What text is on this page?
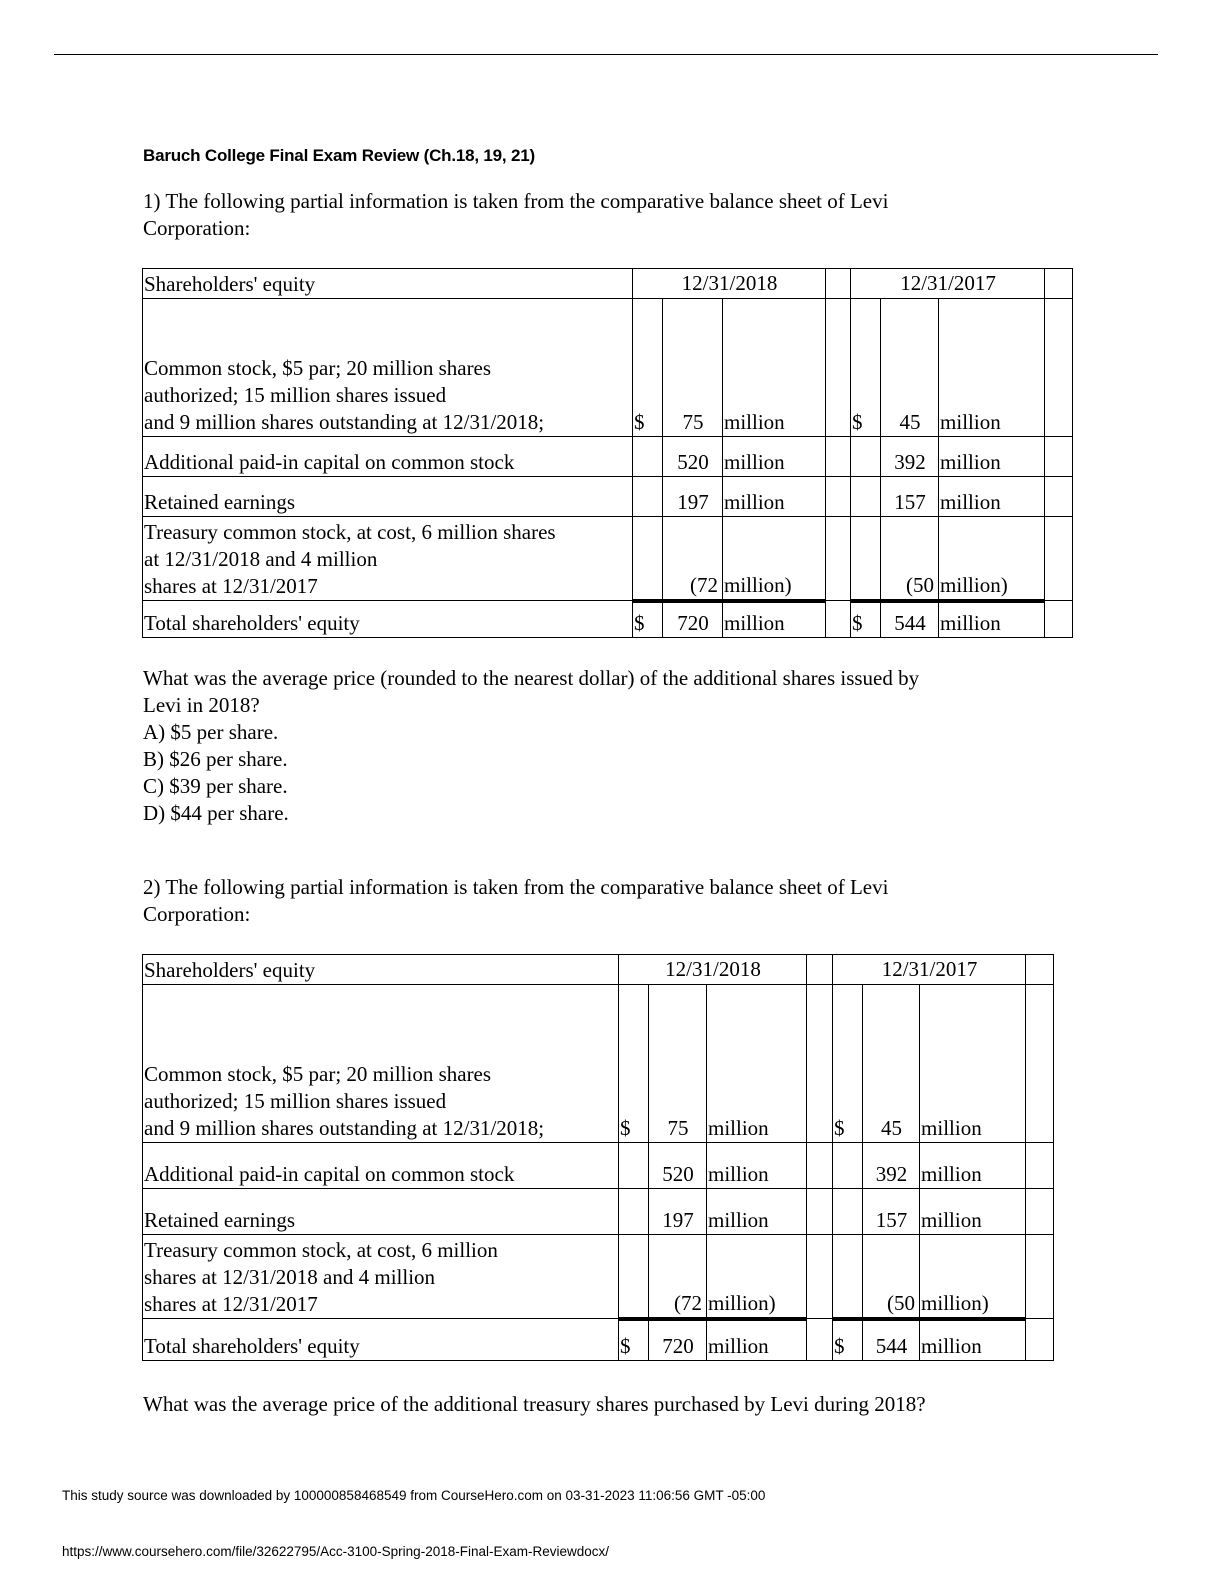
Baruch College Final Exam Review (Ch.18, 19, 21)
1) The following partial information is taken from the comparative balance sheet of Levi
Corporation:
Shareholders' equity	12/31/2018				12/31/2017			

Common stock, $5 par; 20 million shares
authorized; 15 million shares issued
and 9 million shares outstanding at 12/31/2018;	$	75	million		$	45	million	

Additional paid-in capital on common stock		520	million			392	million	

Retained earnings		197	million			157	million	

Treasury common stock, at cost, 6 million shares
at 12/31/2018 and 4 million
shares at 12/31/2017		(72	million)			(50	million)	

Total shareholders' equity	$	720	million		$	544	million	
What was the average price (rounded to the nearest dollar) of the additional shares issued by
Levi in 2018?
A) $5 per share.
B) $26 per share.
C) $39 per share.
D) $44 per share.
2) The following partial information is taken from the comparative balance sheet of Levi
Corporation:
Shareholders' equity	12/31/2018				12/31/2017			

Common stock, $5 par; 20 million shares
authorized; 15 million shares issued
and 9 million shares outstanding at 12/31/2018;	$	75	million		$	45	million	

Additional paid-in capital on common stock		520	million			392	million	

Retained earnings		197	million			157	million	

Treasury common stock, at cost, 6 million
shares at 12/31/2018 and 4 million
shares at 12/31/2017		(72	million)			(50	million)	

Total shareholders' equity	$	720	million		$	544	million	
What was the average price of the additional treasury shares purchased by Levi during 2018?
This study source was downloaded by 100000858468549 from CourseHero.com on 03-31-2023 11:06:56 GMT -05:00
https://www.coursehero.com/file/32622795/Acc-3100-Spring-2018-Final-Exam-Reviewdocx/
